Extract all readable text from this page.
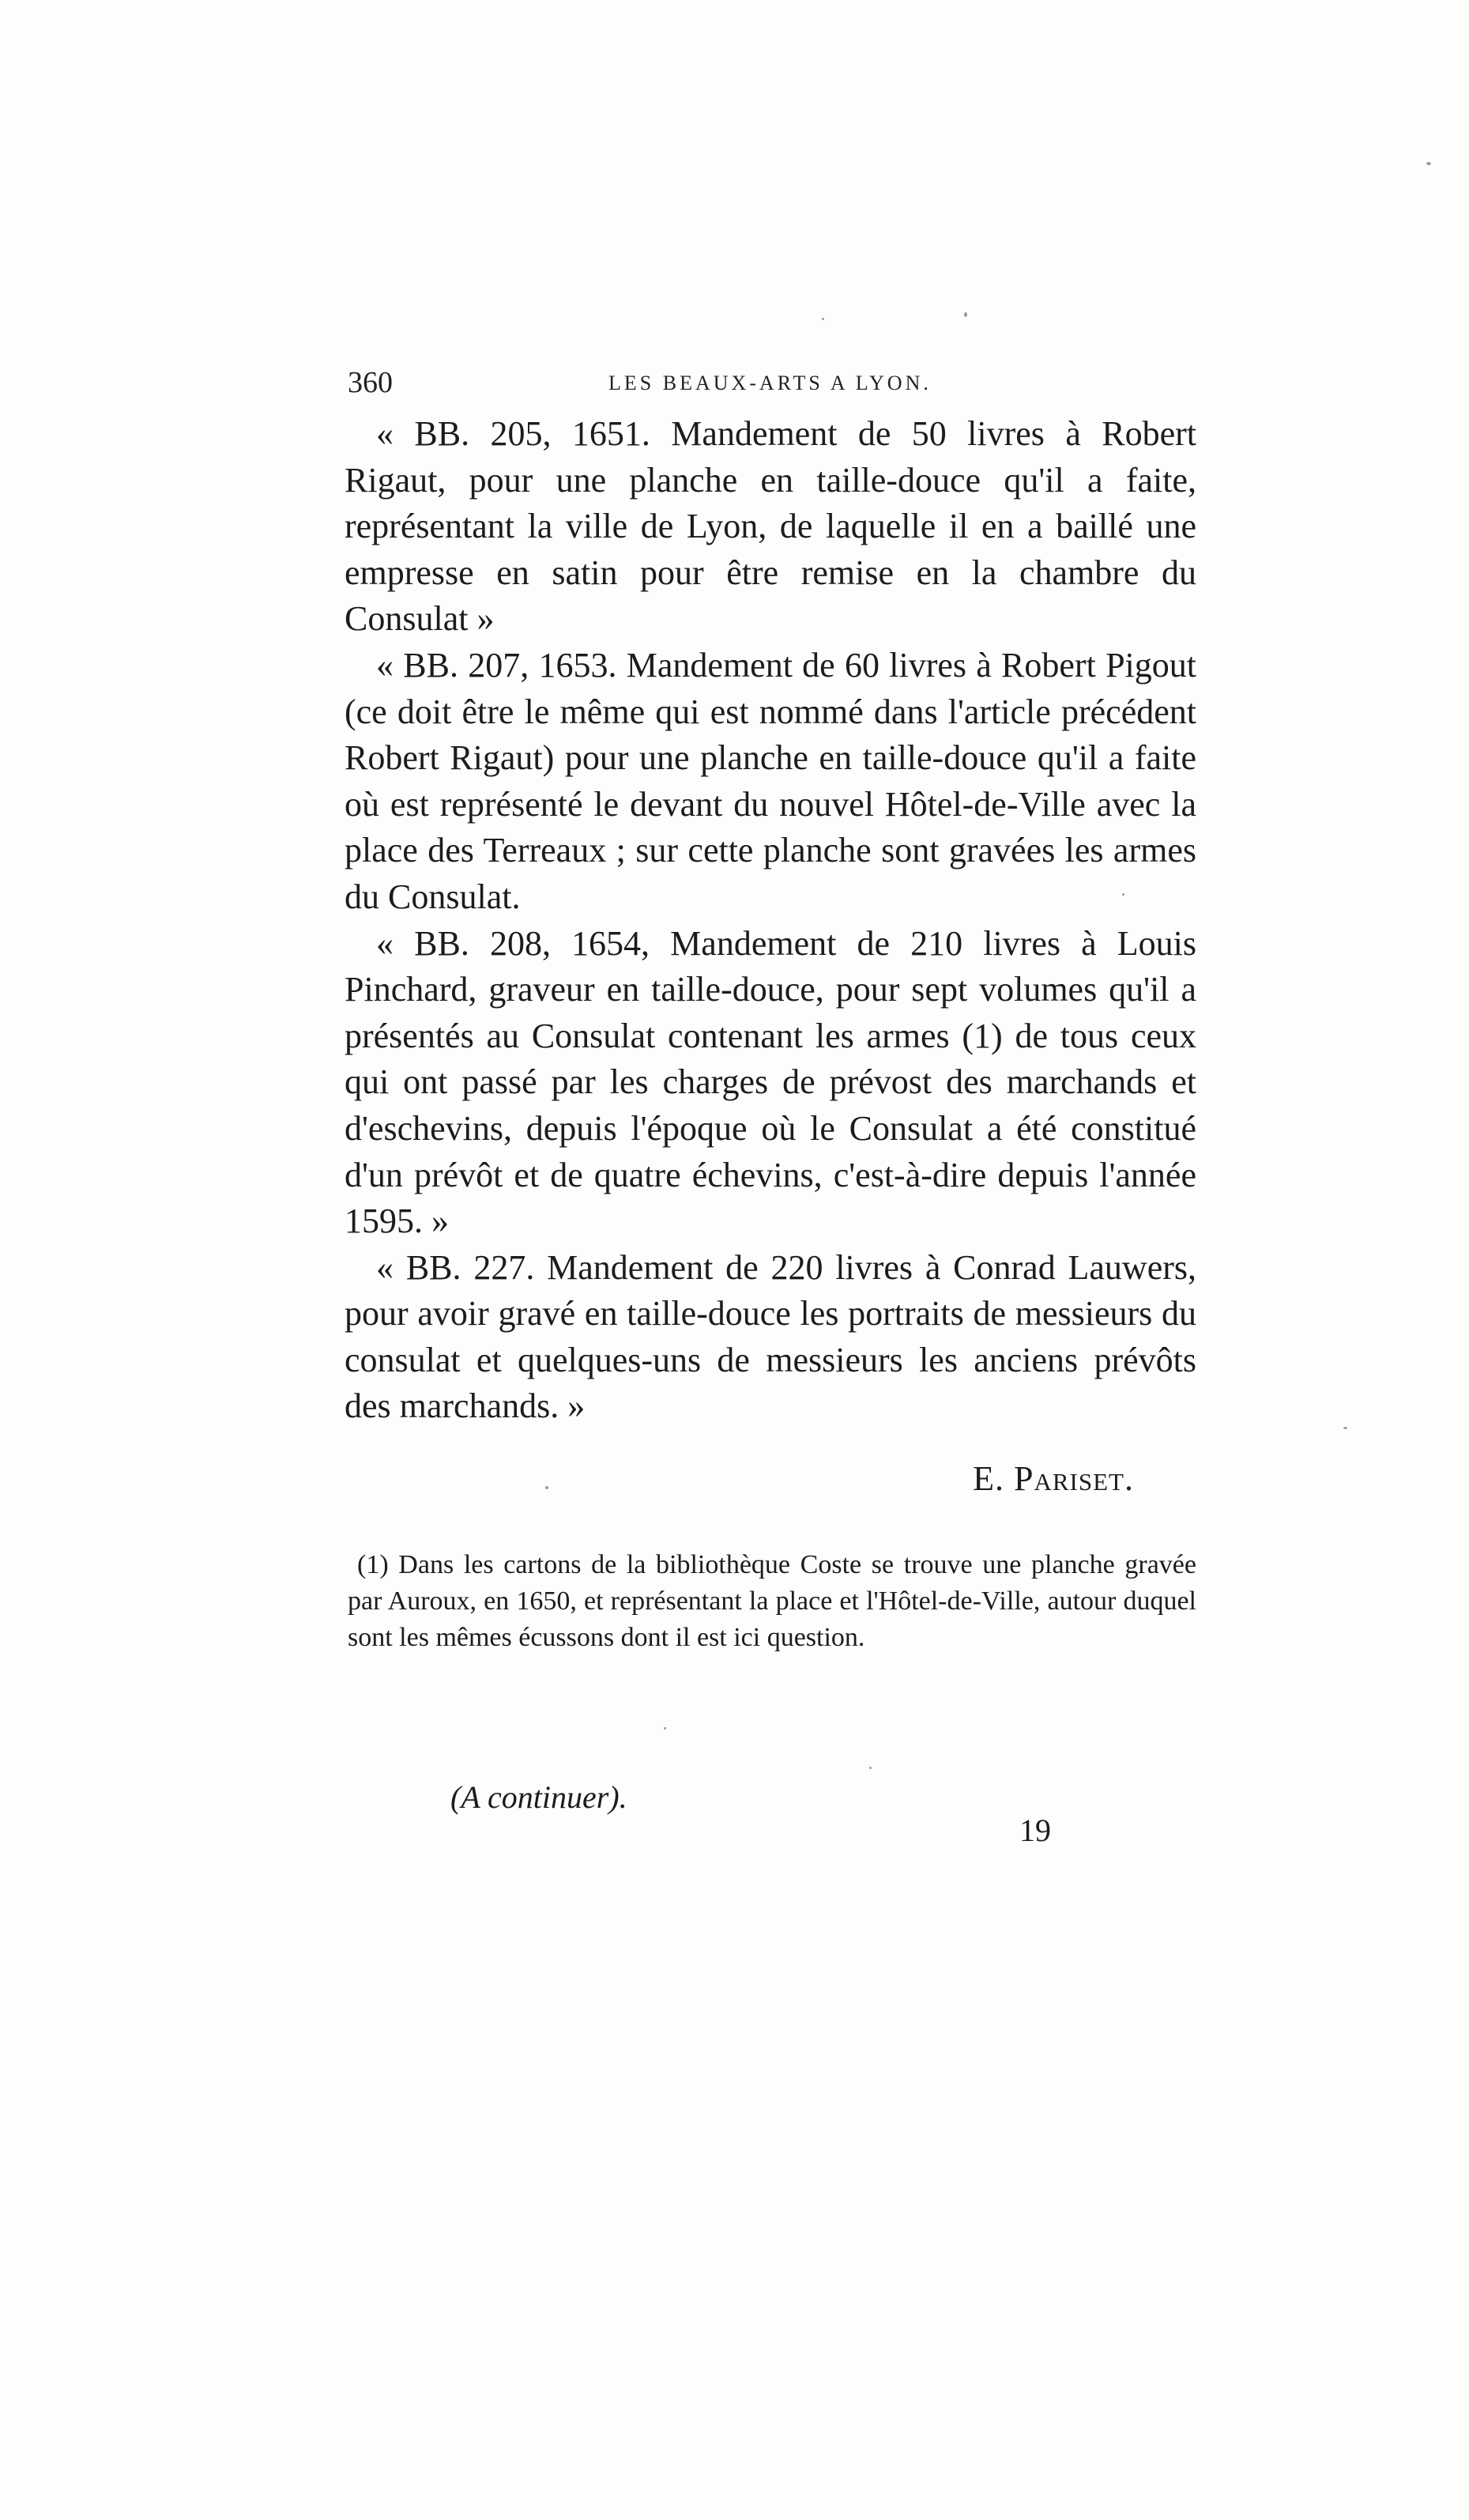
360	LES BEAUX-ARTS A LYON.

« BB. 205, 1651. Mandement de 50 livres à Robert Rigaut, pour une planche en taille-douce qu'il a faite, représentant la ville de Lyon, de laquelle il en a baillé une empresse en satin pour être remise en la chambre du Consulat »

« BB. 207, 1653. Mandement de 60 livres à Robert Pigout (ce doit être le même qui est nommé dans l'article précédent Robert Rigaut) pour une planche en taille-douce qu'il a faite où est représenté le devant du nouvel Hôtel-de-Ville avec la place des Terreaux ; sur cette planche sont gravées les armes du Consulat.

« BB. 208, 1654, Mandement de 210 livres à Louis Pinchard, graveur en taille-douce, pour sept volumes qu'il a présentés au Consulat contenant les armes (1) de tous ceux qui ont passé par les charges de prévost des marchands et d'eschevins, depuis l'époque où le Consulat a été constitué d'un prévôt et de quatre échevins, c'est-à-dire depuis l'année 1595. »

« BB. 227. Mandement de 220 livres à Conrad Lauwers, pour avoir gravé en taille-douce les portraits de messieurs du consulat et quelques-uns de messieurs les anciens prévôts des marchands. »

E. Pariset.

(1) Dans les cartons de la bibliothèque Coste se trouve une planche gravée par Auroux, en 1650, et représentant la place et l'Hôtel-de-Ville, autour duquel sont les mêmes écussons dont il est ici question.

(A continuer).
19
